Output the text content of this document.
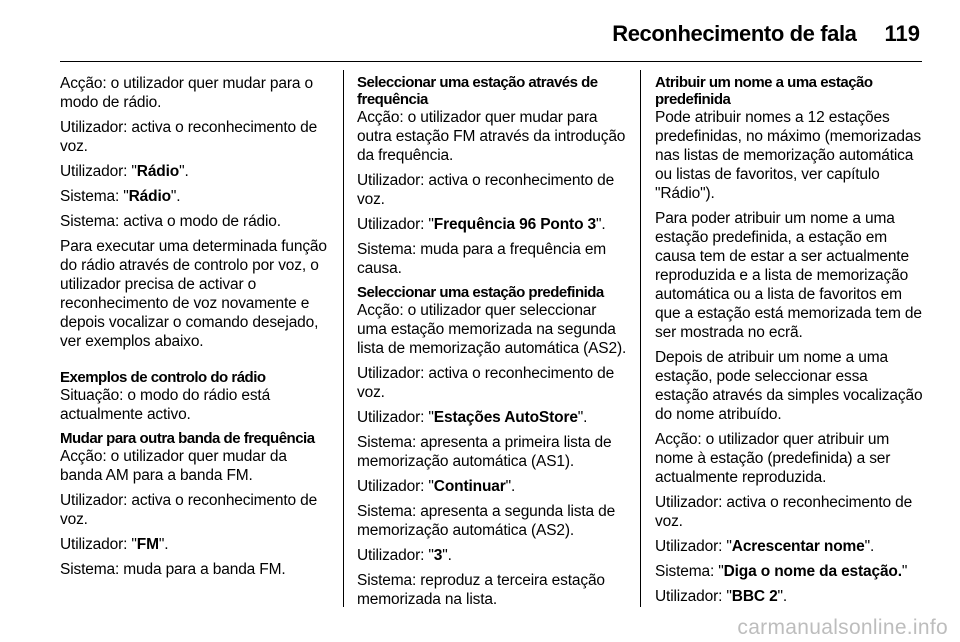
Reconhecimento de fala 119

Acção: o utilizador quer mudar para o modo de rádio.

Utilizador: activa o reconhecimento de voz.

Utilizador: "Rádio".

Sistema: "Rádio".

Sistema: activa o modo de rádio.

Para executar uma determinada função do rádio através de controlo por voz, o utilizador precisa de activar o reconhecimento de voz novamente e depois vocalizar o comando desejado, ver exemplos abaixo.

Exemplos de controlo do rádio

Situação: o modo do rádio está actualmente activo.

Mudar para outra banda de frequência

Acção: o utilizador quer mudar da banda AM para a banda FM.

Utilizador: activa o reconhecimento de voz.

Utilizador: "FM".

Sistema: muda para a banda FM.

Seleccionar uma estação através de frequência

Acção: o utilizador quer mudar para outra estação FM através da introdução da frequência.

Utilizador: activa o reconhecimento de voz.

Utilizador: "Frequência 96 Ponto 3".

Sistema: muda para a frequência em causa.

Seleccionar uma estação predefinida

Acção: o utilizador quer seleccionar uma estação memorizada na segunda lista de memorização automática (AS2).

Utilizador: activa o reconhecimento de voz.

Utilizador: "Estações AutoStore".

Sistema: apresenta a primeira lista de memorização automática (AS1).

Utilizador: "Continuar".

Sistema: apresenta a segunda lista de memorização automática (AS2).

Utilizador: "3".

Sistema: reproduz a terceira estação memorizada na lista.

Atribuir um nome a uma estação predefinida

Pode atribuir nomes a 12 estações predefinidas, no máximo (memorizadas nas listas de memorização automática ou listas de favoritos, ver capítulo "Rádio").

Para poder atribuir um nome a uma estação predefinida, a estação em causa tem de estar a ser actualmente reproduzida e a lista de memorização automática ou a lista de favoritos em que a estação está memorizada tem de ser mostrada no ecrã.

Depois de atribuir um nome a uma estação, pode seleccionar essa estação através da simples vocalização do nome atribuído.

Acção: o utilizador quer atribuir um nome à estação (predefinida) a ser actualmente reproduzida.

Utilizador: activa o reconhecimento de voz.

Utilizador: "Acrescentar nome".

Sistema: "Diga o nome da estação."

Utilizador: "BBC 2".

carmanualsonline.info
